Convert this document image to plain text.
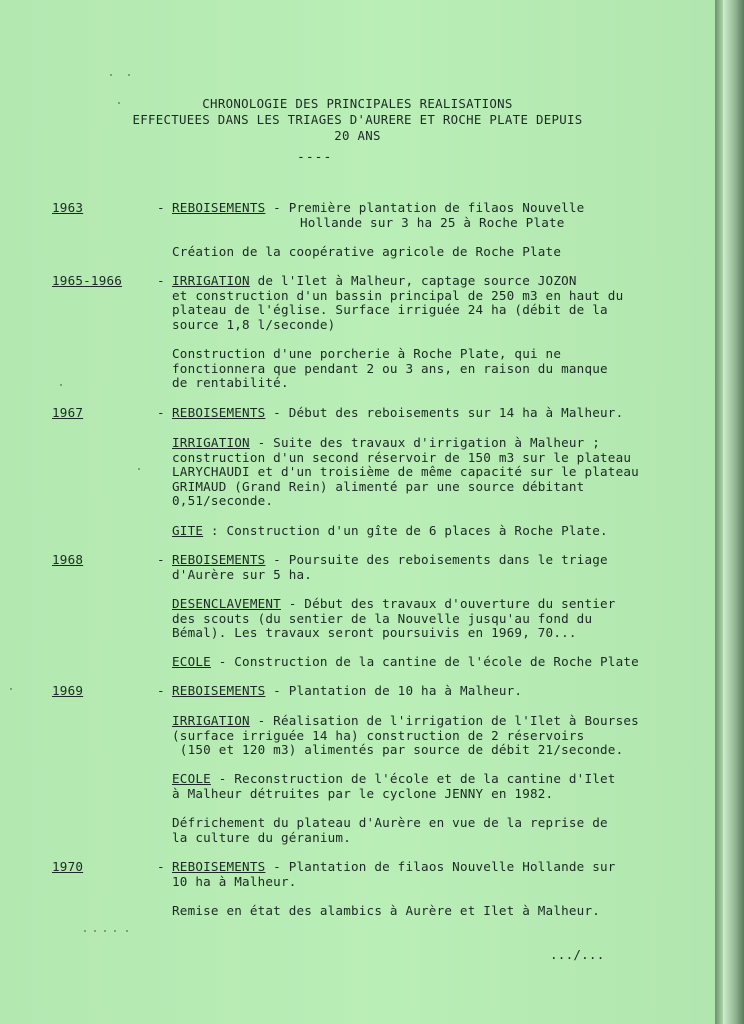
CHRONOLOGIE DES PRINCIPALES REALISATIONS
EFFECTUEES DANS LES TRIAGES D'AURERE ET ROCHE PLATE DEPUIS
20 ANS
----
1963
1965-1966
1967
1968
1969
1970
-
-
-
-
-
-
.../...
REBOISEMENTS - Première plantation de filaos Nouvelle
Hollande sur 3 ha 25 à Roche Plate
Création de la coopérative agricole de Roche Plate
IRRIGATION de l'Ilet à Malheur, captage source JOZON
et construction d'un bassin principal de 250 m3 en haut du
plateau de l'église. Surface irriguée 24 ha (débit de la
source 1,8 l/seconde)
Construction d'une porcherie à Roche Plate, qui ne
fonctionnera que pendant 2 ou 3 ans, en raison du manque
de rentabilité.
REBOISEMENTS - Début des reboisements sur 14 ha à Malheur.
IRRIGATION - Suite des travaux d'irrigation à Malheur ;
construction d'un second réservoir de 150 m3 sur le plateau
LARYCHAUDI et d'un troisième de même capacité sur le plateau
GRIMAUD (Grand Rein) alimenté par une source débitant
0,51/seconde.
GITE : Construction d'un gîte de 6 places à Roche Plate.
REBOISEMENTS - Poursuite des reboisements dans le triage
d'Aurère sur 5 ha.
DESENCLAVEMENT - Début des travaux d'ouverture du sentier
des scouts (du sentier de la Nouvelle jusqu'au fond du
Bémal). Les travaux seront poursuivis en 1969, 70...
ECOLE - Construction de la cantine de l'école de Roche Plate
REBOISEMENTS - Plantation de 10 ha à Malheur.
IRRIGATION - Réalisation de l'irrigation de l'Ilet à Bourses
(surface irriguée 14 ha) construction de 2 réservoirs
(150 et 120 m3) alimentés par source de débit 21/seconde.
ECOLE - Reconstruction de l'école et de la cantine d'Ilet
à Malheur détruites par le cyclone JENNY en 1982.
Défrichement du plateau d'Aurère en vue de la reprise de
la culture du géranium.
REBOISEMENTS - Plantation de filaos Nouvelle Hollande sur
10 ha à Malheur.
Remise en état des alambics à Aurère et Ilet à Malheur.
